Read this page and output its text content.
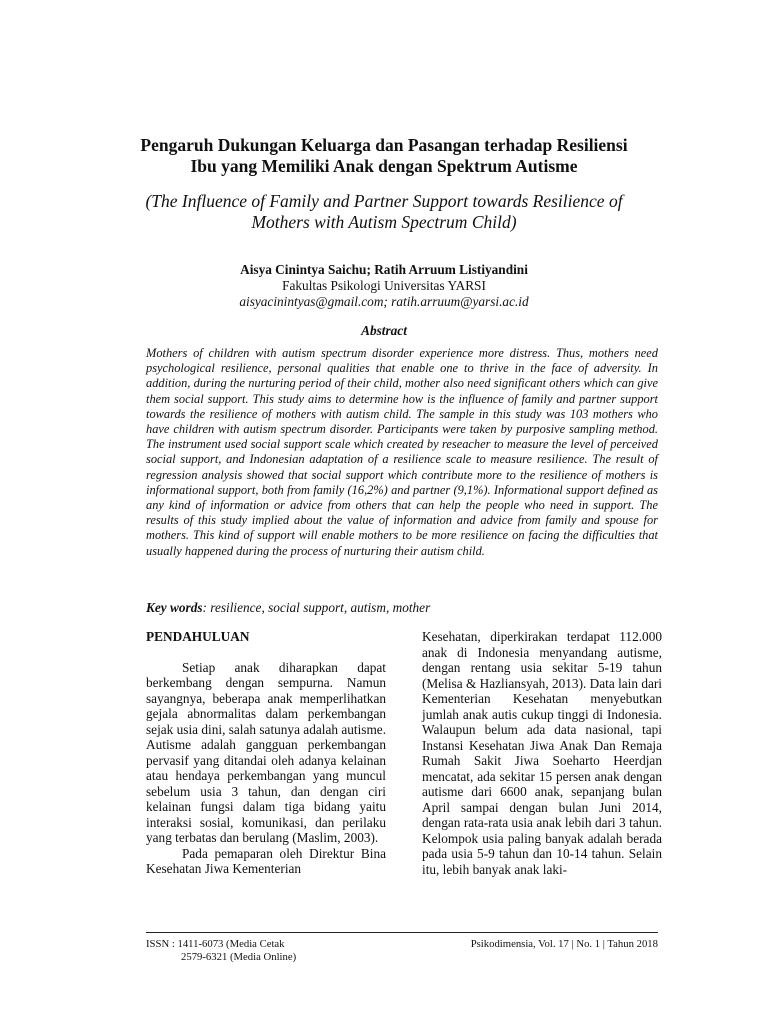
Pengaruh Dukungan Keluarga dan Pasangan terhadap Resiliensi
Ibu yang Memiliki Anak dengan Spektrum Autisme
(The Influence of Family and Partner Support towards Resilience of
Mothers with Autism Spectrum Child)
Aisya Cinintya Saichu; Ratih Arruum Listiyandini
Fakultas Psikologi Universitas YARSI
aisyacinintyas@gmail.com; ratih.arruum@yarsi.ac.id
Abstract
Mothers of children with autism spectrum disorder experience more distress. Thus, mothers need psychological resilience, personal qualities that enable one to thrive in the face of adversity. In addition, during the nurturing period of their child, mother also need significant others which can give them social support. This study aims to determine how is the influence of family and partner support towards the resilience of mothers with autism child. The sample in this study was 103 mothers who have children with autism spectrum disorder. Participants were taken by purposive sampling method. The instrument used social support scale which created by reseacher to measure the level of perceived social support, and Indonesian adaptation of a resilience scale to measure resilience. The result of regression analysis showed that social support which contribute more to the resilience of mothers is informational support, both from family (16,2%) and partner (9,1%). Informational support defined as any kind of information or advice from others that can help the people who need in support. The results of this study implied about the value of information and advice from family and spouse for mothers. This kind of support will enable mothers to be more resilience on facing the difficulties that usually happened during the process of nurturing their autism child.
Key words: resilience, social support, autism, mother

PENDAHULUAN

Setiap anak diharapkan dapat berkembang dengan sempurna. Namun sayangnya, beberapa anak memperlihatkan gejala abnormalitas dalam perkembangan sejak usia dini, salah satunya adalah autisme. Autisme adalah gangguan perkembangan pervasif yang ditandai oleh adanya kelainan atau hendaya perkembangan yang muncul sebelum usia 3 tahun, dan dengan ciri kelainan fungsi dalam tiga bidang yaitu interaksi sosial, komunikasi, dan perilaku yang terbatas dan berulang (Maslim, 2003).

Pada pemaparan oleh Direktur Bina Kesehatan Jiwa Kementerian

Kesehatan, diperkirakan terdapat 112.000 anak di Indonesia menyandang autisme, dengan rentang usia sekitar 5-19 tahun (Melisa & Hazliansyah, 2013). Data lain dari Kementerian Kesehatan menyebutkan jumlah anak autis cukup tinggi di Indonesia. Walaupun belum ada data nasional, tapi Instansi Kesehatan Jiwa Anak Dan Remaja Rumah Sakit Jiwa Soeharto Heerdjan mencatat, ada sekitar 15 persen anak dengan autisme dari 6600 anak, sepanjang bulan April sampai dengan bulan Juni 2014, dengan rata-rata usia anak lebih dari 3 tahun. Kelompok usia paling banyak adalah berada pada usia 5-9 tahun dan 10-14 tahun. Selain itu, lebih banyak anak laki-

ISSN : 1411-6073 (Media Cetak
2579-6321 (Media Online)
Psikodimensia, Vol. 17 | No. 1 | Tahun 2018
